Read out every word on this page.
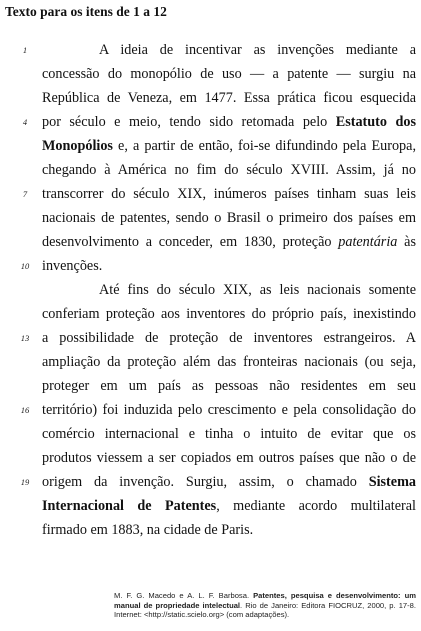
Texto para os itens de 1 a 12
1	A ideia de incentivar as invenções mediante a
concessão do monopólio de uso — a patente — surgiu na
República de Veneza, em 1477. Essa prática ficou esquecida
4	por século e meio, tendo sido retomada pelo Estatuto dos
Monopólios e, a partir de então, foi-se difundindo pela Europa,
chegando à América no fim do século XVIII. Assim, já no
7	transcorrer do século XIX, inúmeros países tinham suas leis
nacionais de patentes, sendo o Brasil o primeiro dos países em
desenvolvimento a conceder, em 1830, proteção patentária às
10 invenções.
Até fins do século XIX, as leis nacionais somente
conferiam proteção aos inventores do próprio país, inexistindo
13 a possibilidade de proteção de inventores estrangeiros. A
ampliação da proteção além das fronteiras nacionais (ou seja,
proteger em um país as pessoas não residentes em seu
16 território) foi induzida pelo crescimento e pela consolidação do
comércio internacional e tinha o intuito de evitar que os
produtos viessem a ser copiados em outros países que não o de
19 origem da invenção. Surgiu, assim, o chamado Sistema
Internacional de Patentes, mediante acordo multilateral
firmado em 1883, na cidade de Paris.
M. F. G. Macedo e A. L. F. Barbosa. Patentes, pesquisa e desenvolvimento: um manual de propriedade intelectual. Rio de Janeiro: Editora FIOCRUZ, 2000, p. 17-8. Internet: <http://static.scielo.org> (com adaptações).
